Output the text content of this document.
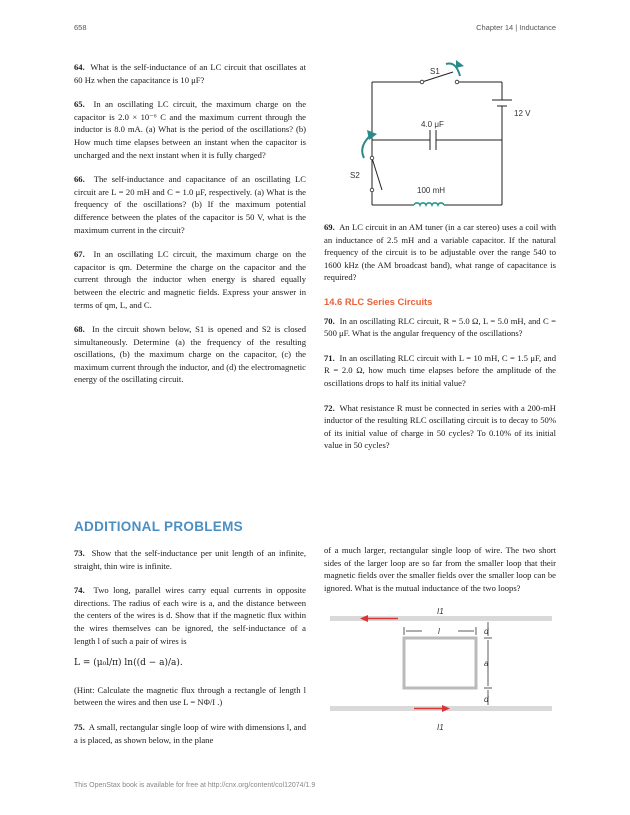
658	Chapter 14 | Inductance

64. What is the self-inductance of an LC circuit that oscillates at 60 Hz when the capacitance is 10 μF?

65. In an oscillating LC circuit, the maximum charge on the capacitor is 2.0 × 10⁻⁶ C and the maximum current through the inductor is 8.0 mA. (a) What is the period of the oscillations? (b) How much time elapses between an instant when the capacitor is uncharged and the next instant when it is fully charged?

66. The self-inductance and capacitance of an oscillating LC circuit are L = 20 mH and C = 1.0 μF, respectively. (a) What is the frequency of the oscillations? (b) If the maximum potential difference between the plates of the capacitor is 50 V, what is the maximum current in the circuit?

67. In an oscillating LC circuit, the maximum charge on the capacitor is qm. Determine the charge on the capacitor and the current through the inductor when energy is shared equally between the electric and magnetic fields. Express your answer in terms of qm, L, and C.

68. In the circuit shown below, S1 is opened and S2 is closed simultaneously. Determine (a) the frequency of the resulting oscillations, (b) the maximum charge on the capacitor, (c) the maximum current through the inductor, and (d) the electromagnetic energy of the oscillating circuit.

S1
12 V
4.0 μF
S2
100 mH

69. An LC circuit in an AM tuner (in a car stereo) uses a coil with an inductance of 2.5 mH and a variable capacitor. If the natural frequency of the circuit is to be adjustable over the range 540 to 1600 kHz (the AM broadcast band), what range of capacitance is required?

14.6 RLC Series Circuits

70. In an oscillating RLC circuit, R = 5.0 Ω, L = 5.0 mH, and C = 500 μF. What is the angular frequency of the oscillations?

71. In an oscillating RLC circuit with L = 10 mH, C = 1.5 μF, and R = 2.0 Ω, how much time elapses before the amplitude of the oscillations drops to half its initial value?

72. What resistance R must be connected in series with a 200-mH inductor of the resulting RLC oscillating circuit is to decay to 50% of its initial value of charge in 50 cycles? To 0.10% of its initial value in 50 cycles?

ADDITIONAL PROBLEMS

73. Show that the self-inductance per unit length of an infinite, straight, thin wire is infinite.

74. Two long, parallel wires carry equal currents in opposite directions. The radius of each wire is a, and the distance between the centers of the wires is d. Show that if the magnetic flux within the wires themselves can be ignored, the self-inductance of a length l of such a pair of wires is

L = (μ₀l/π) ln((d − a)/a).

(Hint: Calculate the magnetic flux through a rectangle of length l between the wires and then use L = NΦ/I .)

75. A small, rectangular single loop of wire with dimensions l, and a is placed, as shown below, in the plane

of a much larger, rectangular single loop of wire. The two short sides of the larger loop are so far from the smaller loop that their magnetic fields over the smaller fields over the smaller loop can be ignored. What is the mutual inductance of the two loops?

I1
l	d
a
d
I1
This OpenStax book is available for free at http://cnx.org/content/col12074/1.9
